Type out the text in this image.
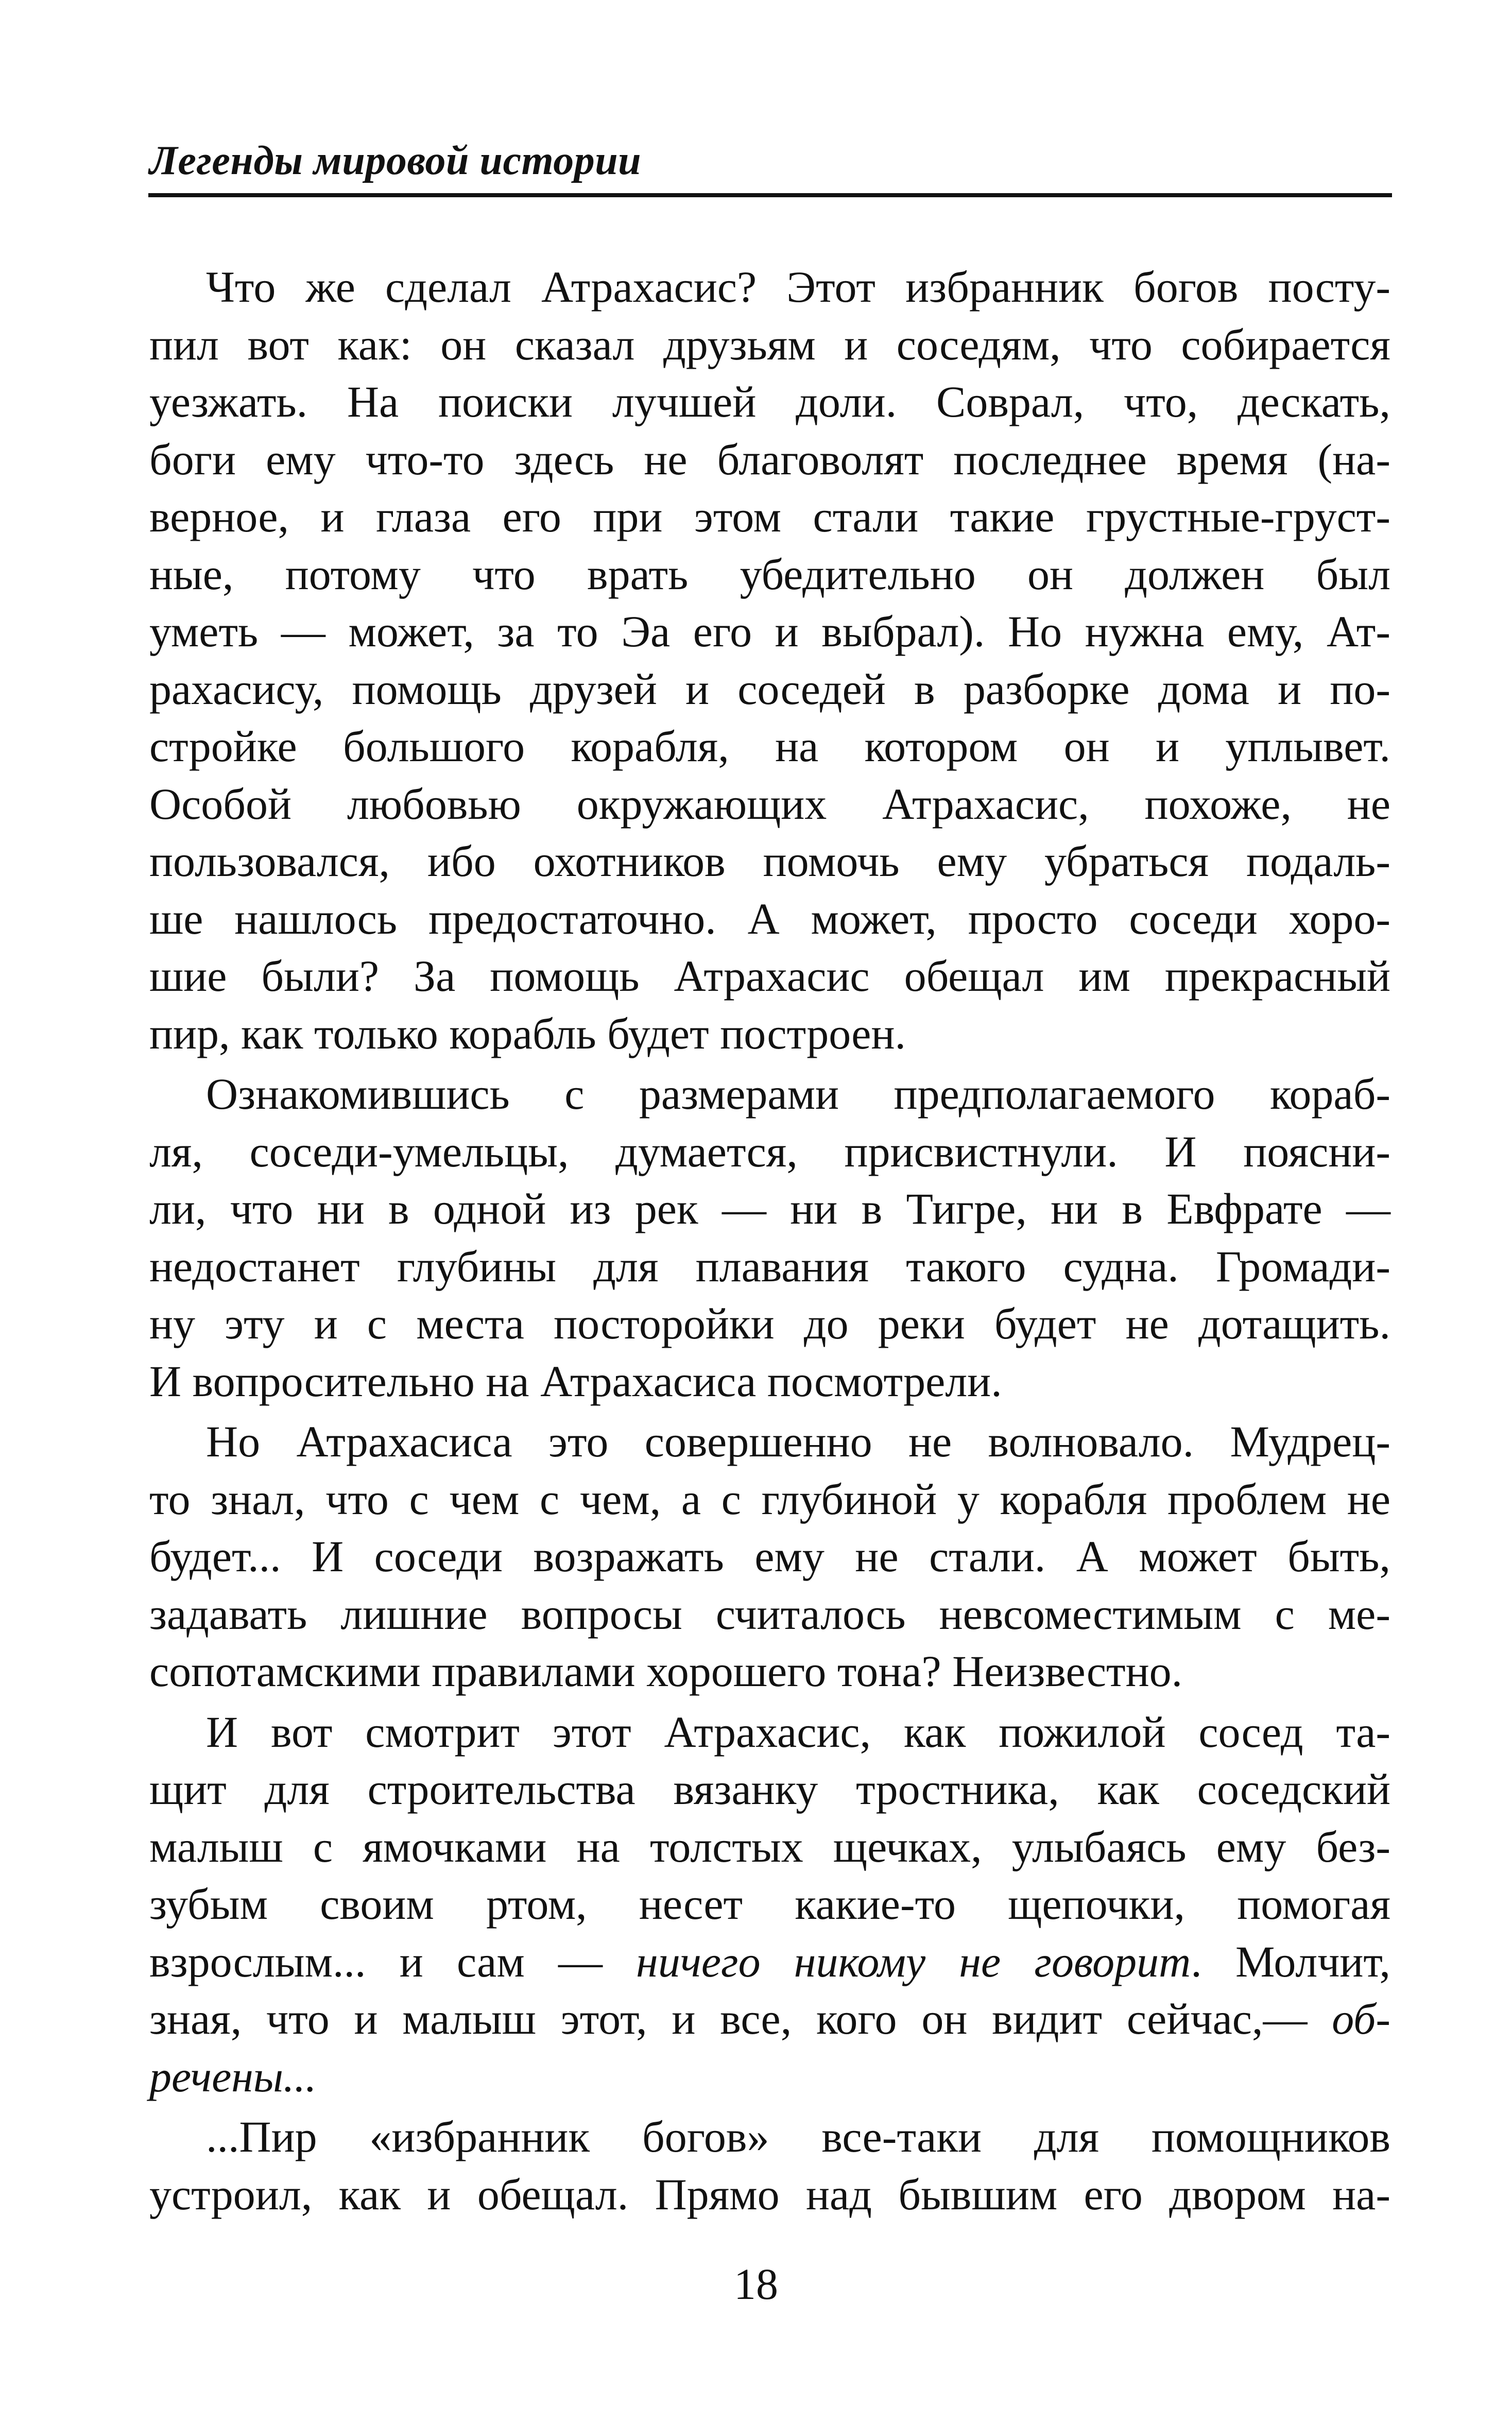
Легенды мировой истории
Что же сделал Атрахасис? Этот избранник богов посту-
пил вот как: он сказал друзьям и соседям, что собирается
уезжать. На поиски лучшей доли. Соврал, что, дескать,
боги ему что-то здесь не благоволят последнее время (на-
верное, и глаза его при этом стали такие грустные-груст-
ные, потому что врать убедительно он должен был
уметь — может, за то Эа его и выбрал). Но нужна ему, Ат-
рахасису, помощь друзей и соседей в разборке дома и по-
стройке большого корабля, на котором он и уплывет.
Особой любовью окружающих Атрахасис, похоже, не
пользовался, ибо охотников помочь ему убраться подаль-
ше нашлось предостаточно. А может, просто соседи хоро-
шие были? За помощь Атрахасис обещал им прекрасный
пир, как только корабль будет построен.
Ознакомившись с размерами предполагаемого кораб-
ля, соседи-умельцы, думается, присвистнули. И поясни-
ли, что ни в одной из рек — ни в Тигре, ни в Евфрате —
недостанет глубины для плавания такого судна. Громади-
ну эту и с места посторойки до реки будет не дотащить.
И вопросительно на Атрахасиса посмотрели.
Но Атрахасиса это совершенно не волновало. Мудрец-
то знал, что с чем с чем, а с глубиной у корабля проблем не
будет... И соседи возражать ему не стали. А может быть,
задавать лишние вопросы считалось невсоместимым с ме-
сопотамскими правилами хорошего тона? Неизвестно.
И вот смотрит этот Атрахасис, как пожилой сосед та-
щит для строительства вязанку тростника, как соседский
малыш с ямочками на толстых щечках, улыбаясь ему без-
зубым своим ртом, несет какие-то щепочки, помогая
взрослым... и сам — ничего никому не говорит. Молчит,
зная, что и малыш этот, и все, кого он видит сейчас,— об-
речены...
...Пир «избранник богов» все-таки для помощников
устроил, как и обещал. Прямо над бывшим его двором на-
18
